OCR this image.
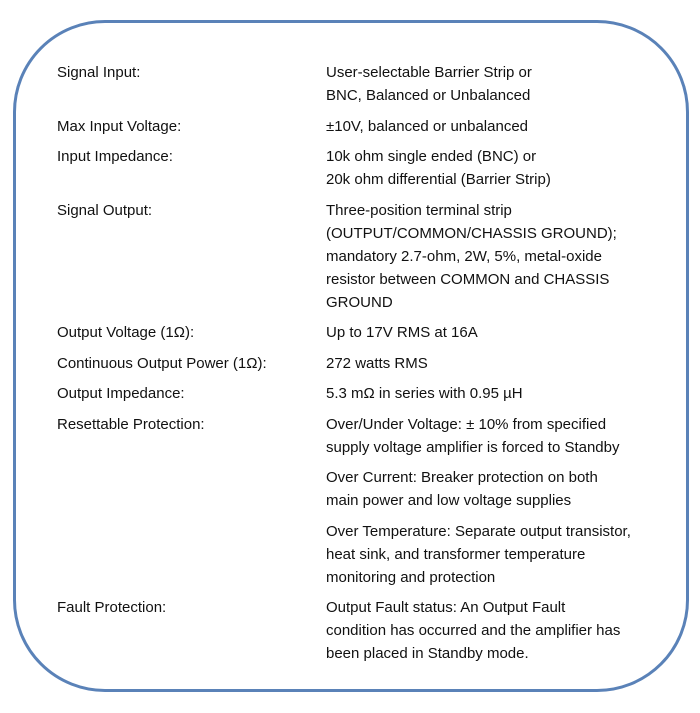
Signal Input:	User-selectable Barrier Strip or
BNC, Balanced or Unbalanced
Max Input Voltage:	±10V, balanced or unbalanced
Input Impedance:	10k ohm single ended (BNC) or
20k ohm differential (Barrier Strip)
Signal Output:	Three-position terminal strip
(OUTPUT/COMMON/CHASSIS GROUND);
mandatory 2.7-ohm, 2W, 5%, metal-oxide
resistor between COMMON and CHASSIS
GROUND
Output Voltage (1Ω):	Up to 17V RMS at 16A
Continuous Output Power (1Ω):	272 watts RMS
Output Impedance:	5.3 mΩ in series with 0.95 µH
Resettable Protection:	Over/Under Voltage: ± 10% from specified
supply voltage amplifier is forced to Standby
Over Current: Breaker protection on both
main power and low voltage supplies
Over Temperature: Separate output transistor,
heat sink, and transformer temperature
monitoring and protection
Fault Protection:	Output Fault status: An Output Fault
condition has occurred and the amplifier has
been placed in Standby mode.
